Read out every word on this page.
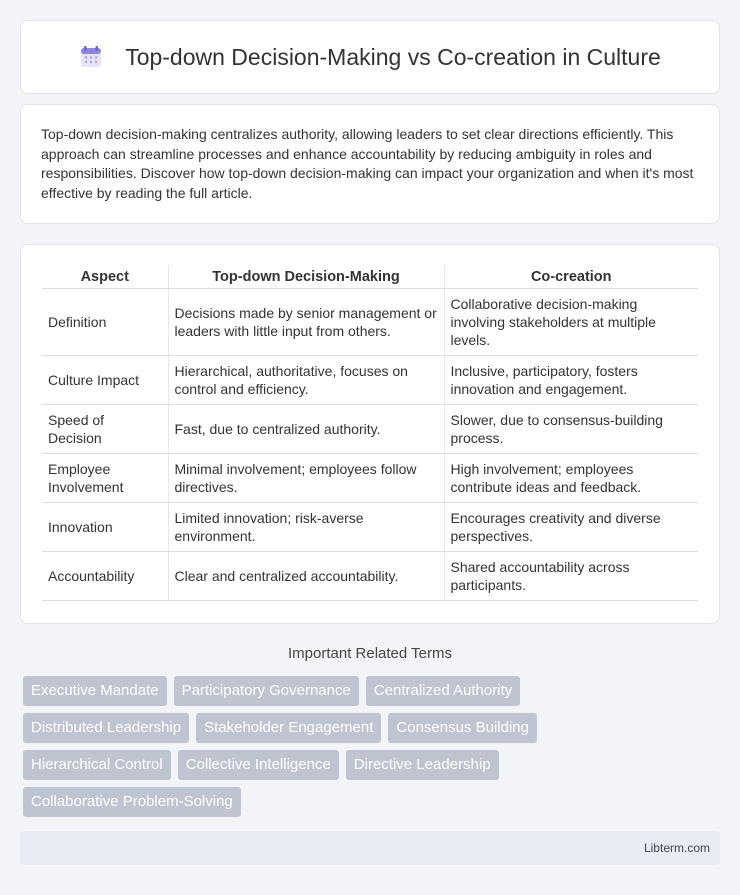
Top-down Decision-Making vs Co-creation in Culture

Top-down decision-making centralizes authority, allowing leaders to set clear directions efficiently. This approach can streamline processes and enhance accountability by reducing ambiguity in roles and responsibilities. Discover how top-down decision-making can impact your organization and when it's most effective by reading the full article.

Aspect	Top-down Decision-Making	Co-creation
Definition	Decisions made by senior management or leaders with little input from others.	Collaborative decision-making involving stakeholders at multiple levels.
Culture Impact	Hierarchical, authoritative, focuses on control and efficiency.	Inclusive, participatory, fosters innovation and engagement.
Speed of Decision	Fast, due to centralized authority.	Slower, due to consensus-building process.
Employee Involvement	Minimal involvement; employees follow directives.	High involvement; employees contribute ideas and feedback.
Innovation	Limited innovation; risk-averse environment.	Encourages creativity and diverse perspectives.
Accountability	Clear and centralized accountability.	Shared accountability across participants.
Important Related Terms
Executive Mandate	Participatory Governance	Centralized Authority
Distributed Leadership	Stakeholder Engagement	Consensus Building
Hierarchical Control	Collective Intelligence	Directive Leadership
Collaborative Problem-Solving
Libterm.com
